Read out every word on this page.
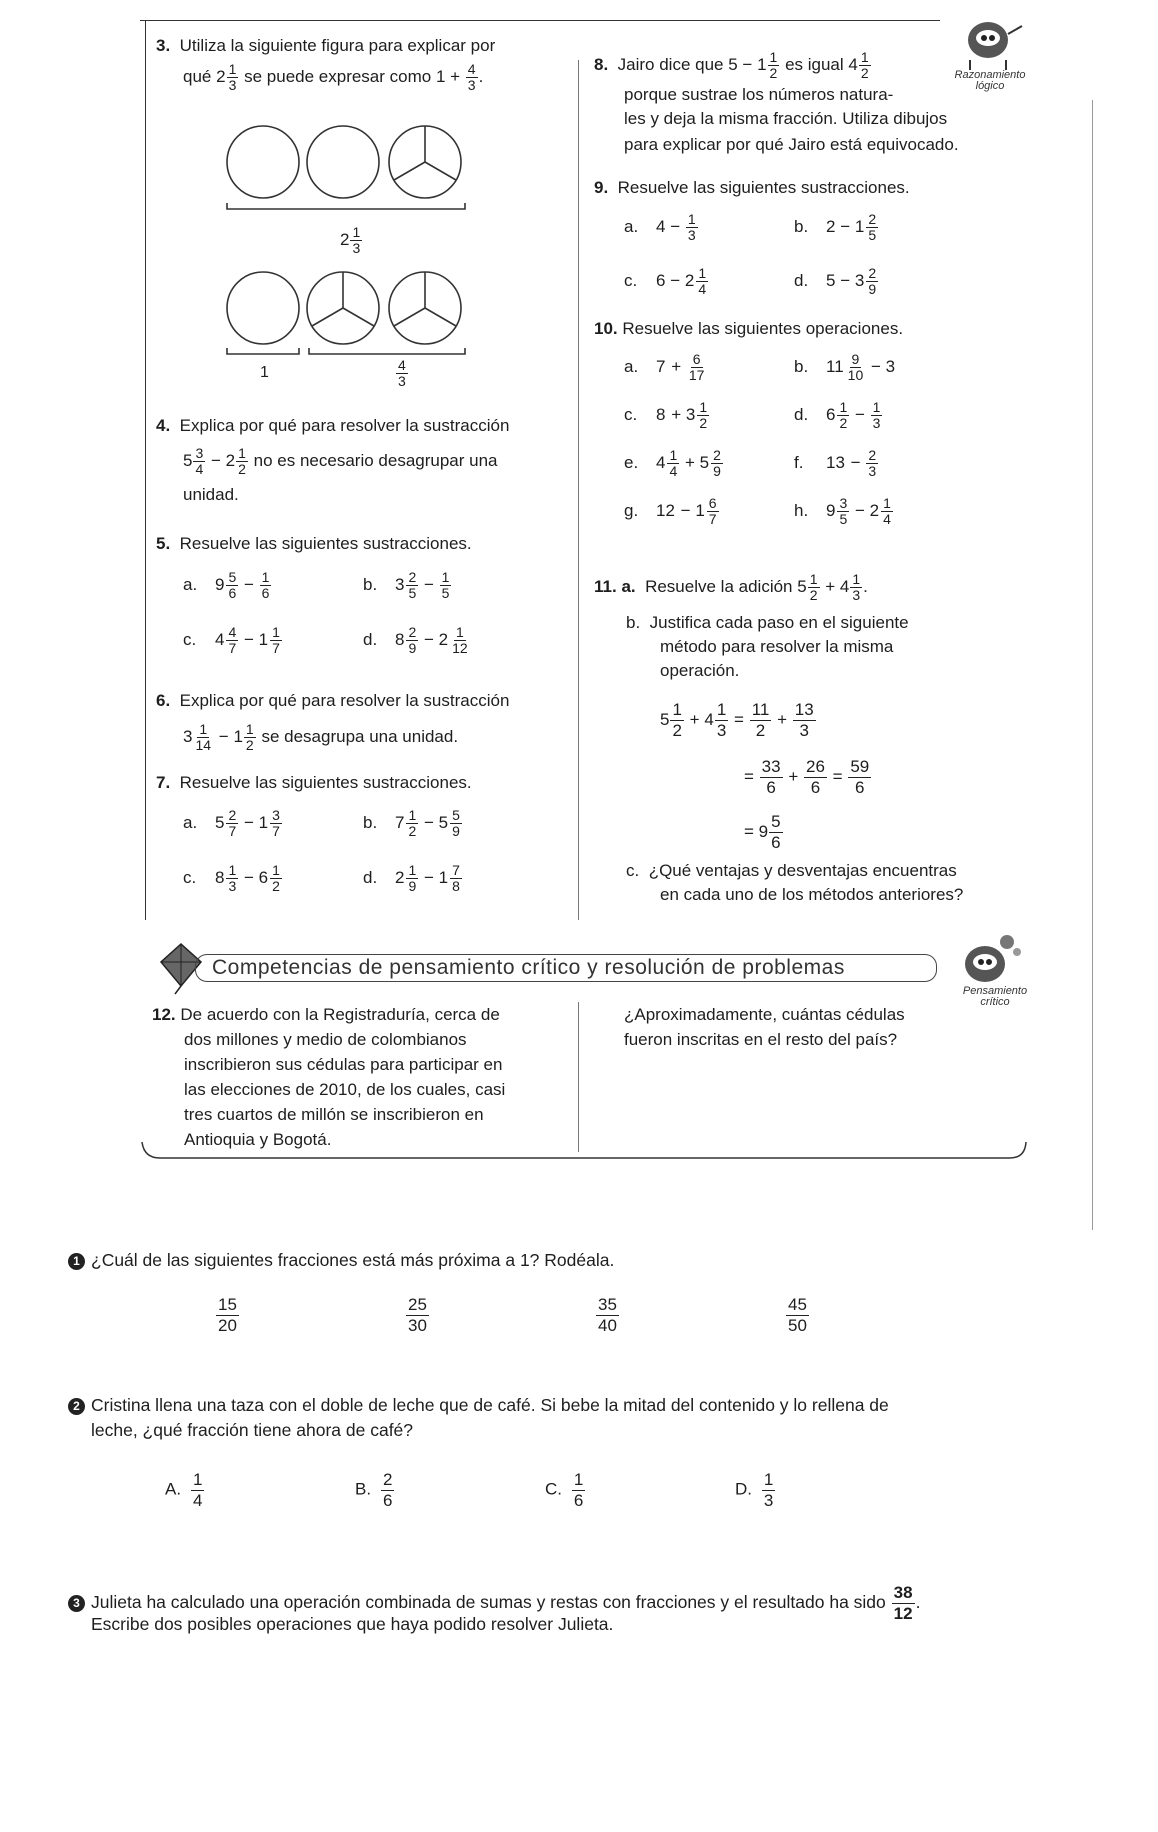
3. Utiliza la siguiente figura para explicar por
qué $2 \frac{1}{3}$ se puede expresar como $1 + \frac{4}{3}$ .
$2 \frac{1}{3}$
1	$\frac{4}{3}$
4. Explica por qué para resolver la sustracción
$5 \frac{3}{4} - 2 \frac{1}{2}$ no es necesario desagrupar una
unidad.
5. Resuelve las siguientes sustracciones.
a. $9 \frac{5}{6} - \frac{1}{6}$	b. $3 \frac{2}{5} - \frac{1}{5}$
c. $4 \frac{4}{7} - 1 \frac{1}{7}$	d. $8 \frac{2}{9} - 2 \frac{1}{12}$
6. Explica por qué para resolver la sustracción
$3 \frac{1}{14} - 1 \frac{1}{2}$ se desagrupa una unidad.
7. Resuelve las siguientes sustracciones.
a. $5 \frac{2}{7} - 1 \frac{3}{7}$	b. $7 \frac{1}{2} - 5 \frac{5}{9}$
c. $8 \frac{1}{3} - 6 \frac{1}{2}$	d. $2 \frac{1}{9} - 1 \frac{7}{8}$
Razonamiento
lógico
8. Jairo dice que $5 - 1 \frac{1}{2}$ es igual $4 \frac{1}{2}$
porque sustrae los números natura-
les y deja la misma fracción. Utiliza dibujos
para explicar por qué Jairo está equivocado.
9. Resuelve las siguientes sustracciones.
a. $4 - \frac{1}{3}$	b. $2 - 1 \frac{2}{5}$
c. $6 - 2 \frac{1}{4}$	d. $5 - 3 \frac{2}{9}$
10. Resuelve las siguientes operaciones.
a. $7 + \frac{6}{17}$	b. $11 \frac{9}{10} - 3$
c. $8 + 3 \frac{1}{2}$	d. $6 \frac{1}{2} - \frac{1}{3}$
e. $4 \frac{1}{4} + 5 \frac{2}{9}$	f. $13 - \frac{2}{3}$
g. $12 - 1 \frac{6}{7}$	h. $9 \frac{3}{5} - 2 \frac{1}{4}$
11. a. Resuelve la adición $5 \frac{1}{2} + 4 \frac{1}{3}$ .
b. Justifica cada paso en el siguiente
método para resolver la misma
operación.
$5 \frac{1}{2} + 4 \frac{1}{3} = \frac{11}{2} + \frac{13}{3}$
= $\frac{33}{6} + \frac{26}{6} = \frac{59}{6}$
= $9 \frac{5}{6}$
c. ¿Qué ventajas y desventajas encuentras
en cada uno de los métodos anteriores?
Competencias de pensamiento crítico y resolución de problemas
Pensamiento
crítico
12. De acuerdo con la Registraduría, cerca de
dos millones y medio de colombianos
inscribieron sus cédulas para participar en
las elecciones de 2010, de los cuales, casi
tres cuartos de millón se inscribieron en
Antioquia y Bogotá.
¿Aproximadamente, cuántas cédulas
fueron inscritas en el resto del país?
1 ¿Cuál de las siguientes fracciones está más próxima a 1? Rodéala.
$\frac{15}{20}$	$\frac{25}{30}$	$\frac{35}{40}$	$\frac{45}{50}$
2 Cristina llena una taza con el doble de leche que de café. Si bebe la mitad del contenido y lo rellena de
leche, ¿qué fracción tiene ahora de café?
A. $\frac{1}{4}$	B. $\frac{2}{6}$	C. $\frac{1}{6}$	D. $\frac{1}{3}$
3 Julieta ha calculado una operación combinada de sumas y restas con fracciones y el resultado ha sido $\frac{38}{12}$ .
Escribe dos posibles operaciones que haya podido resolver Julieta.
